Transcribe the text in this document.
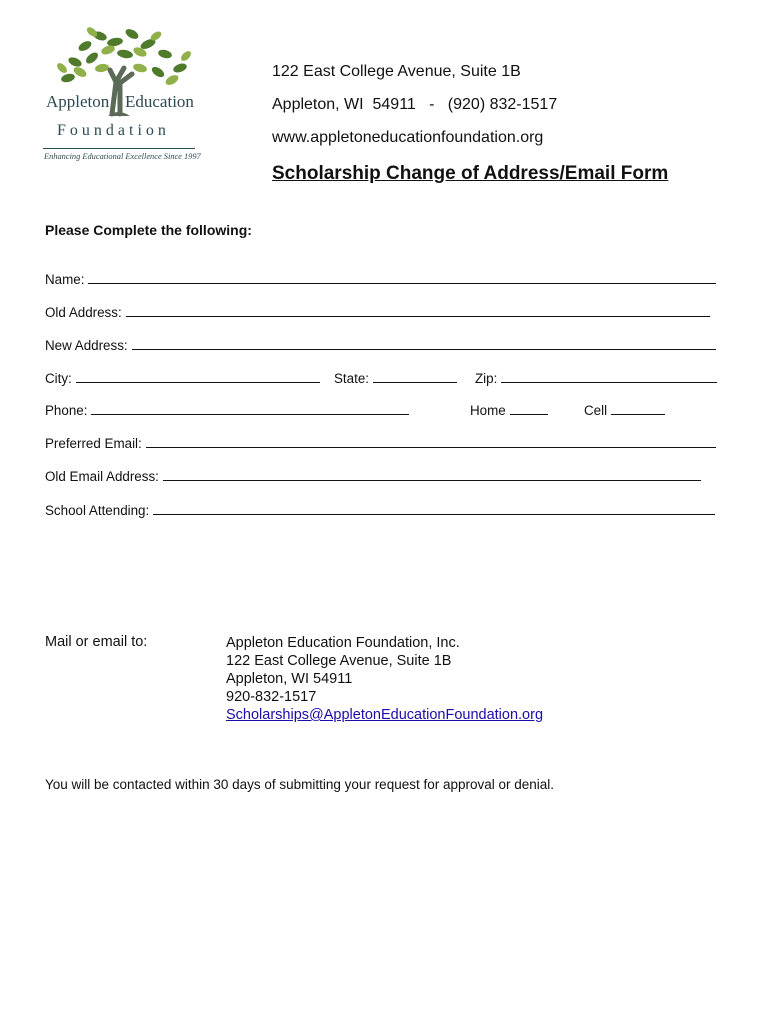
Appleton Education
Foundation
Enhancing Educational Excellence Since 1997
122 East College Avenue, Suite 1B
Appleton, WI  54911   -   (920) 832-1517
www.appletoneducationfoundation.org
Scholarship Change of Address/Email Form
Please Complete the following:
Name:
Old Address:
New Address:
City:	State:	Zip:
Phone:	Home	Cell
Preferred Email:
Old Email Address:
School Attending:
Mail or email to:	Appleton Education Foundation, Inc.
122 East College Avenue, Suite 1B
Appleton, WI 54911
920-832-1517
Scholarships@AppletonEducationFoundation.org
You will be contacted within 30 days of submitting your request for approval or denial.
